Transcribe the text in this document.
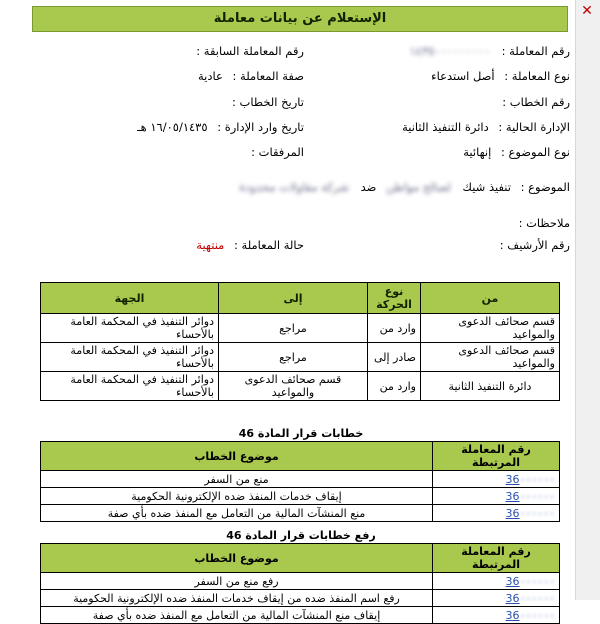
✕
الإستعلام عن بيانات معاملة
رقم المعاملة : ١٤٣٥٠٠٠٠٠٠٠٠٠
رقم المعاملة السابقة :
نوع المعاملة : أصل استدعاء
صفة المعاملة : عادية
رقم الخطاب :
تاريخ الخطاب :
الإدارة الحالية : دائرة التنفيذ الثانية
تاريخ وارد الإدارة : ١٦/٠٥/١٤٣٥ هـ
نوع الموضوع : إنهائية
المرفقات :
الموضوع : تنفيذ شيك لصالح مواطن ضد شركة مقاولات محدودة
ملاحظات :
رقم الأرشيف :
حالة المعاملة : منتهية
من	نوع الحركة	إلى	الجهة
قسم صحائف الدعوى والمواعيد	وارد من	مراجع	دوائر التنفيذ في المحكمة العامة بالأحساء
قسم صحائف الدعوى والمواعيد	صادر إلى	مراجع	دوائر التنفيذ في المحكمة العامة بالأحساء
دائرة التنفيذ الثانية	وارد من	قسم صحائف الدعوى والمواعيد	دوائر التنفيذ في المحكمة العامة بالأحساء
خطابات قرار المادة 46
رقم المعاملة المرتبطة	موضوع الخطاب
36٠٠٠٠٠٠	منع من السفر
36٠٠٠٠٠٠	إيقاف خدمات المنفذ ضده الإلكترونية الحكومية
36٠٠٠٠٠٠	منع المنشآت المالية من التعامل مع المنفذ ضده بأي صفة
رفع خطابات قرار المادة 46
رقم المعاملة المرتبطة	موضوع الخطاب
36٠٠٠٠٠٠	رفع منع من السفر
36٠٠٠٠٠٠	رفع اسم المنفذ ضده من إيقاف خدمات المنفذ ضده الإلكترونية الحكومية
36٠٠٠٠٠٠	إيقاف منع المنشآت المالية من التعامل مع المنفذ ضده بأي صفة
